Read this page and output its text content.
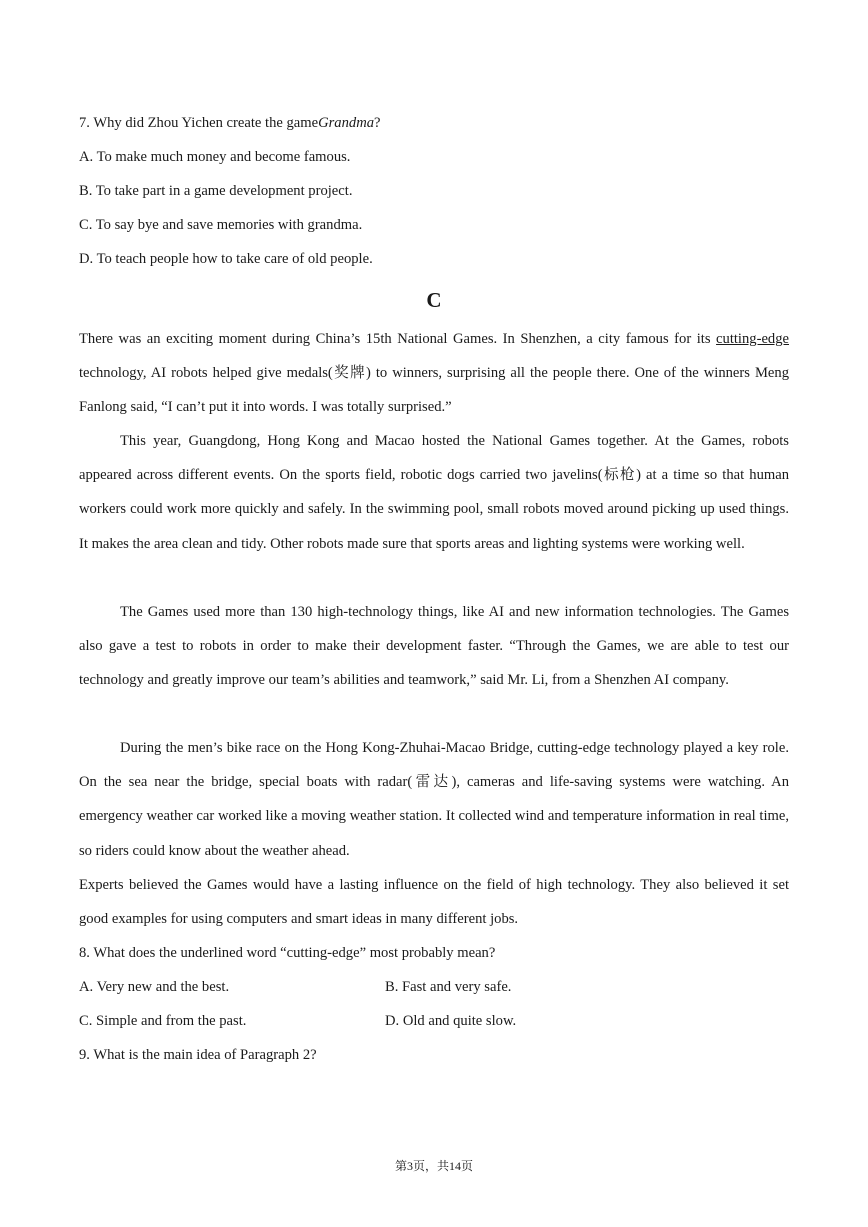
7. Why did Zhou Yichen create the gameGrandma?

A. To make much money and become famous.

B. To take part in a game development project.

C. To say bye and save memories with grandma.

D. To teach people how to take care of old people.

C

There was an exciting moment during China’s 15th National Games. In Shenzhen, a city famous for its cutting-edge technology, AI robots helped give medals(奖牌) to winners, surprising all the people there. One of the winners Meng Fanlong said, “I can’t put it into words. I was totally surprised.”

This year, Guangdong, Hong Kong and Macao hosted the National Games together. At the Games, robots appeared across different events. On the sports field, robotic dogs carried two javelins(标枪) at a time so that human workers could work more quickly and safely. In the swimming pool, small robots moved around picking up used things. It makes the area clean and tidy. Other robots made sure that sports areas and lighting systems were working well.

The Games used more than 130 high-technology things, like AI and new information technologies. The Games also gave a test to robots in order to make their development faster. “Through the Games, we are able to test our technology and greatly improve our team’s abilities and teamwork,” said Mr. Li, from a Shenzhen AI company.

During the men’s bike race on the Hong Kong-Zhuhai-Macao Bridge, cutting-edge technology played a key role. On the sea near the bridge, special boats with radar(雷达), cameras and life-saving systems were watching. An emergency weather car worked like a moving weather station. It collected wind and temperature information in real time, so riders could know about the weather ahead.

Experts believed the Games would have a lasting influence on the field of high technology. They also believed it set good examples for using computers and smart ideas in many different jobs.

8. What does the underlined word “cutting-edge” most probably mean?

A. Very new and the best.	B. Fast and very safe.

C. Simple and from the past.	D. Old and quite slow.

9. What is the main idea of Paragraph 2?

第3页，共14页
